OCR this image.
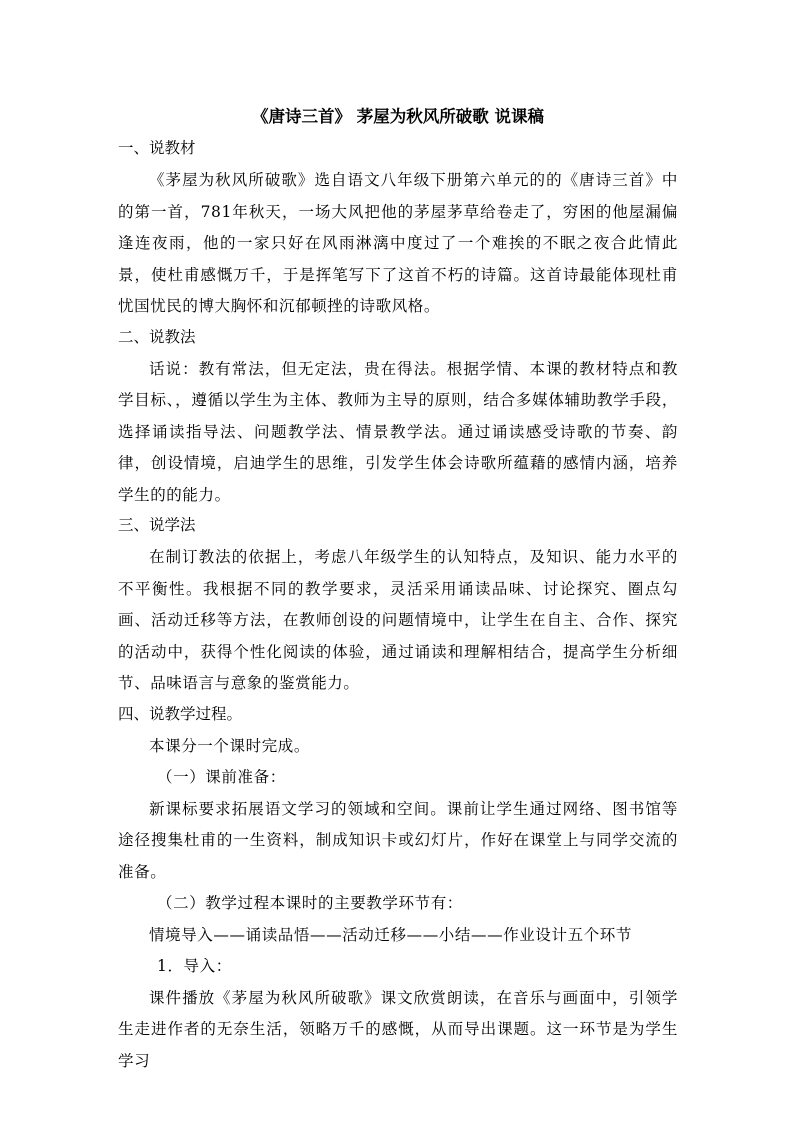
《唐诗三首》 茅屋为秋风所破歌 说课稿
一、说教材

《茅屋为秋风所破歌》选自语文八年级下册第六单元的的《唐诗三首》中的第一首，781年秋天，一场大风把他的茅屋茅草给卷走了，穷困的他屋漏偏逢连夜雨，他的一家只好在风雨淋漓中度过了一个难挨的不眠之夜合此情此景，使杜甫感慨万千，于是挥笔写下了这首不朽的诗篇。这首诗最能体现杜甫忧国忧民的博大胸怀和沉郁顿挫的诗歌风格。

二、说教法

话说：教有常法，但无定法，贵在得法。根据学情、本课的教材特点和教学目标、，遵循以学生为主体、教师为主导的原则，结合多媒体辅助教学手段，选择诵读指导法、问题教学法、情景教学法。通过诵读感受诗歌的节奏、韵律，创设情境，启迪学生的思维，引发学生体会诗歌所蕴藉的感情内涵，培养学生的的能力。

三、说学法

在制订教法的依据上，考虑八年级学生的认知特点，及知识、能力水平的不平衡性。我根据不同的教学要求，灵活采用诵读品味、讨论探究、圈点勾画、活动迁移等方法，在教师创设的问题情境中，让学生在自主、合作、探究的活动中，获得个性化阅读的体验，通过诵读和理解相结合，提高学生分析细节、品味语言与意象的鉴赏能力。

四、说教学过程。
本课分一个课时完成。
（一）课前准备：

新课标要求拓展语文学习的领域和空间。课前让学生通过网络、图书馆等途径搜集杜甫的一生资料，制成知识卡或幻灯片，作好在课堂上与同学交流的准备。

（二）教学过程本课时的主要教学环节有：
情境导入——诵读品悟——活动迁移——小结——作业设计五个环节
1．导入：

课件播放《茅屋为秋风所破歌》课文欣赏朗读，在音乐与画面中，引领学生走进作者的无奈生活，领略万千的感慨，从而导出课题。这一环节是为学生学习
